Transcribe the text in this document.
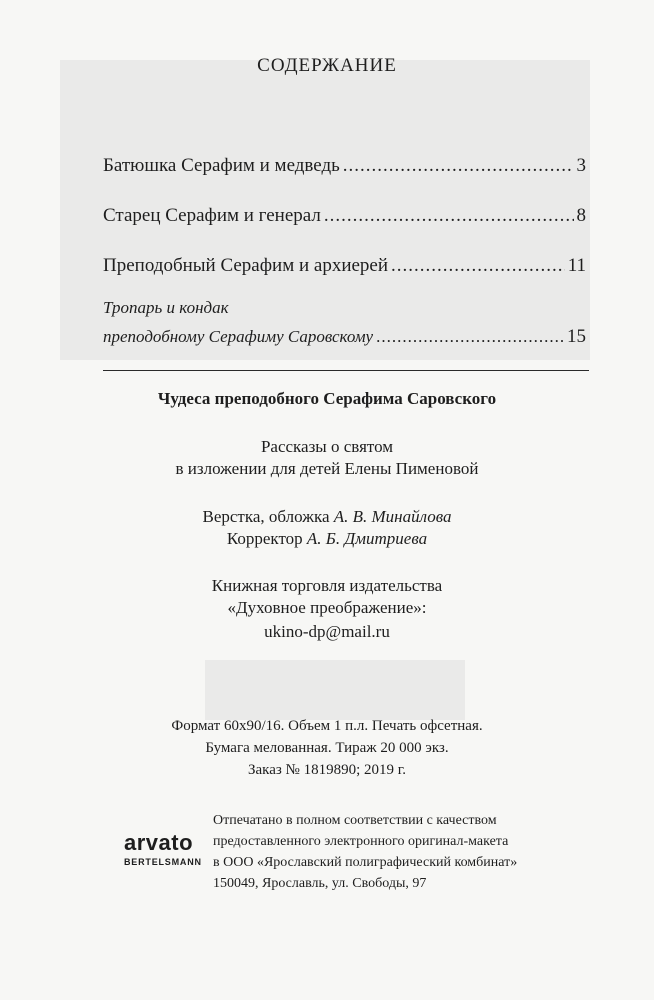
СОДЕРЖАНИЕ
Батюшка Серафим и медведь .....	3
Старец Серафим и генерал .....	8
Преподобный Серафим и архиерей .....	11
Тропарь и кондак
преподобному Серафиму Саровскому .....	15
Чудеса преподобного Серафима Саровского
Рассказы о святом
в изложении для детей Елены Пименовой
Верстка, обложка А. В. Минайлова
Корректор А. Б. Дмитриева
Книжная торговля издательства
«Духовное преображение»:
ukino-dp@mail.ru
Формат 60х90/16. Объем 1 п.л. Печать офсетная.
Бумага мелованная. Тираж 20 000 экз.
Заказ № 1819890; 2019 г.
arvato
BERTELSMANN
Отпечатано в полном соответствии с качеством
предоставленного электронного оригинал-макета
в ООО «Ярославский полиграфический комбинат»
150049, Ярославль, ул. Свободы, 97
